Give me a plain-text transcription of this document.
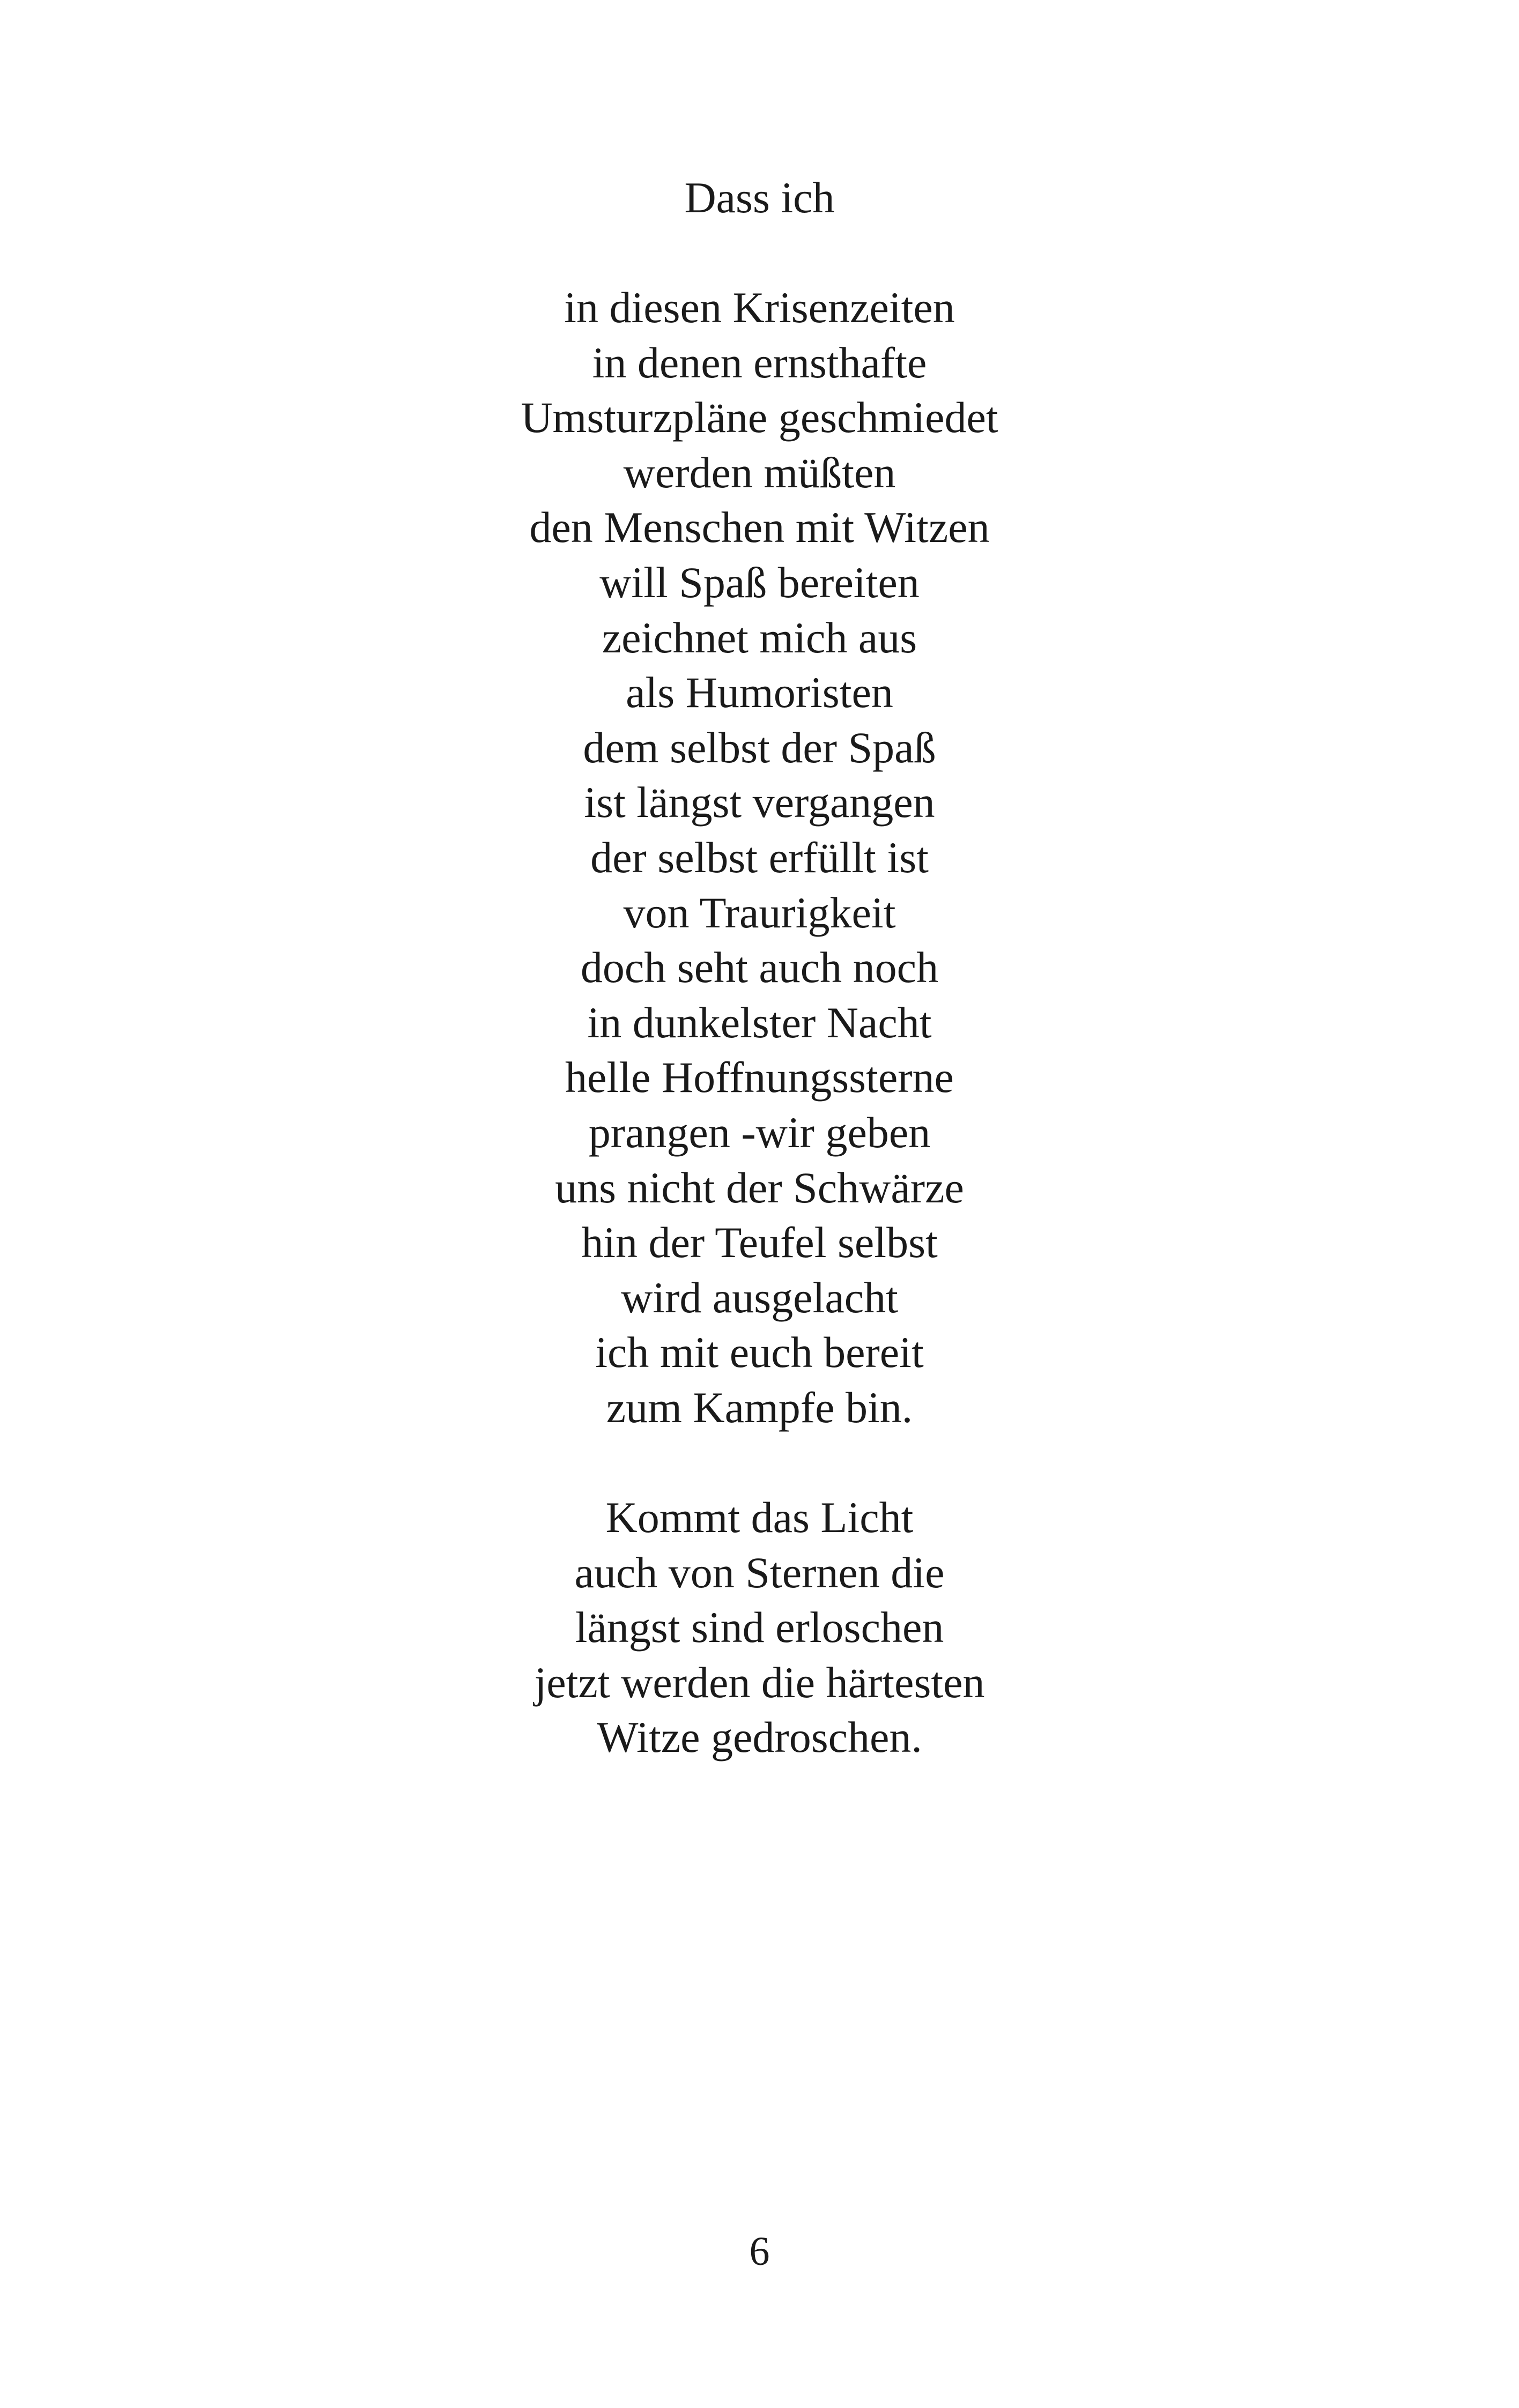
Dass ich
in diesen Krisenzeiten
in denen ernsthafte
Umsturzpläne geschmiedet
werden müßten
den Menschen mit Witzen
will Spaß bereiten
zeichnet mich aus
als Humoristen
dem selbst der Spaß
ist längst vergangen
der selbst erfüllt ist
von Traurigkeit
doch seht auch noch
in dunkelster Nacht
helle Hoffnungssterne
prangen -wir geben
uns nicht der Schwärze
hin der Teufel selbst
wird ausgelacht
ich mit euch bereit
zum Kampfe bin.
Kommt das Licht
auch von Sternen die
längst sind erloschen
jetzt werden die härtesten
Witze gedroschen.
6
